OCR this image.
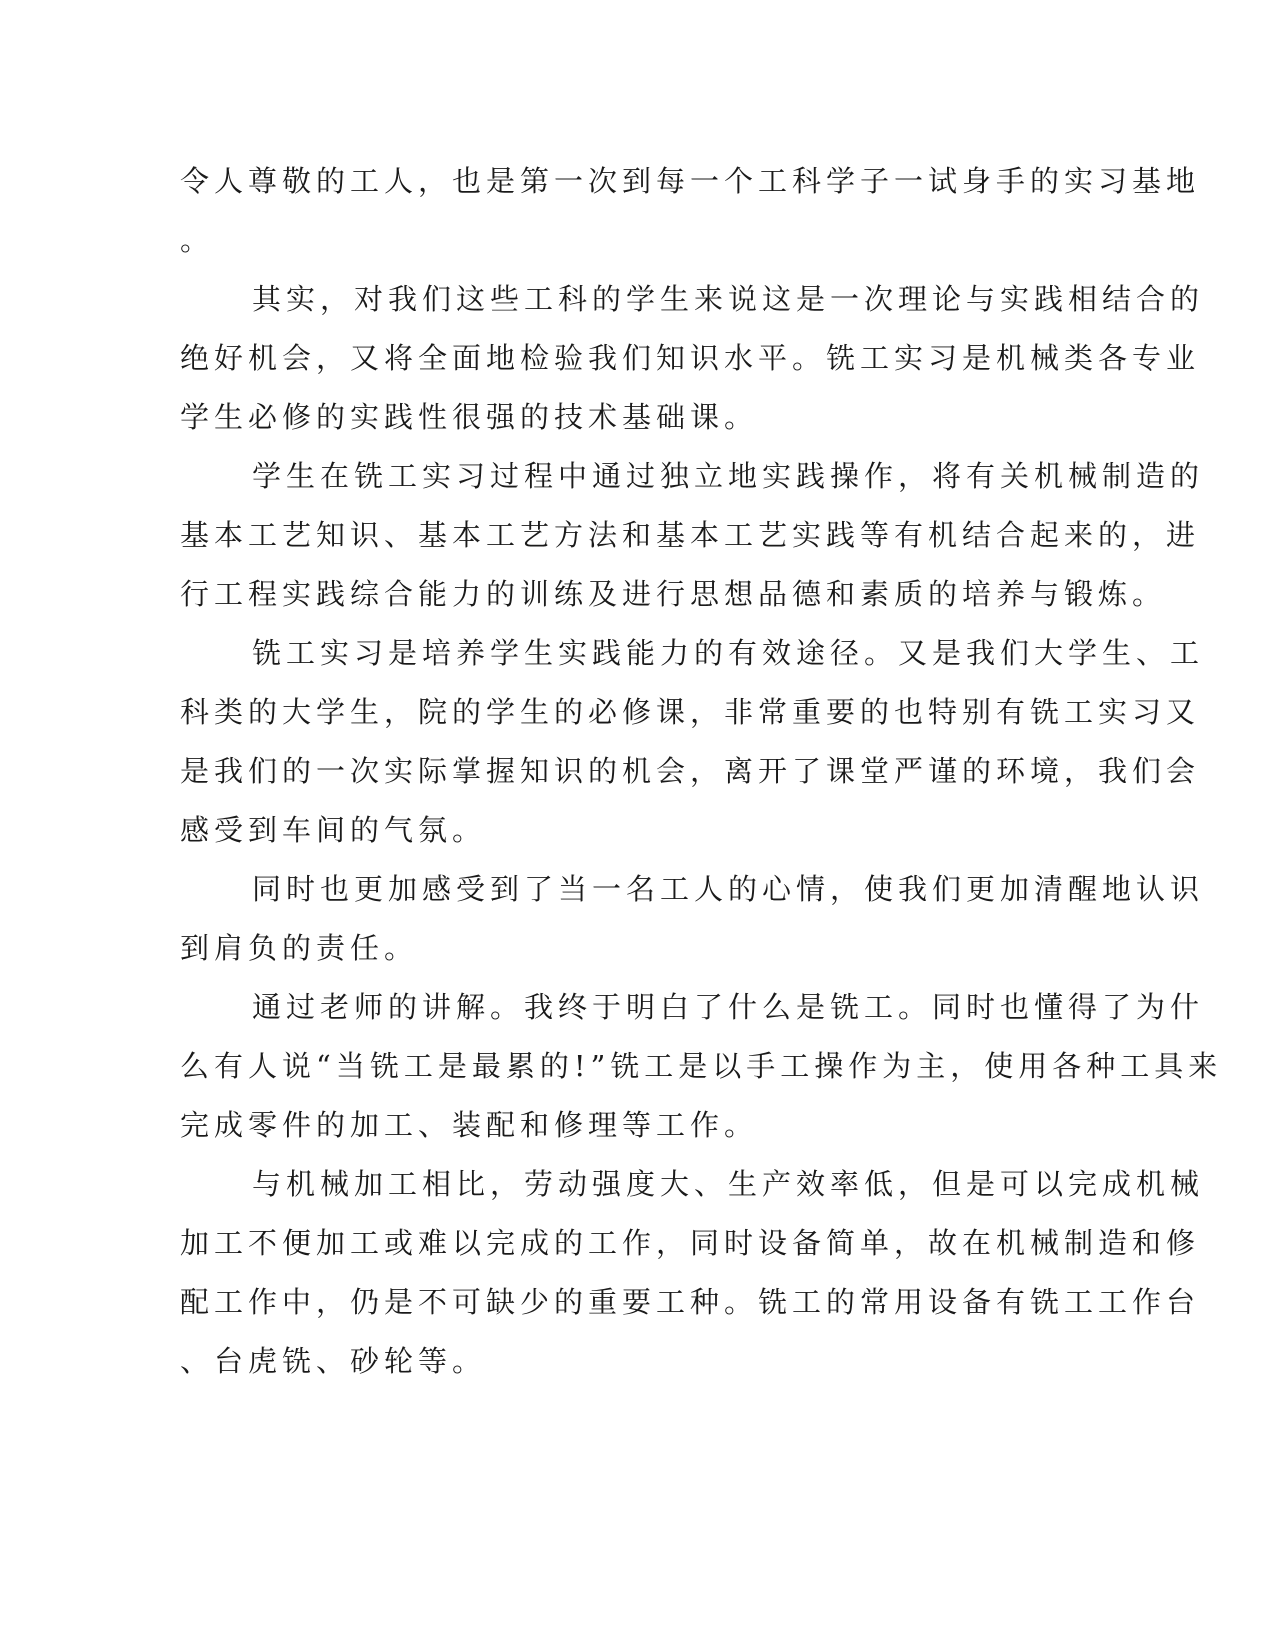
令人尊敬的工人，也是第一次到每一个工科学子一试身手的实习基地
。
其实，对我们这些工科的学生来说这是一次理论与实践相结合的
绝好机会，又将全面地检验我们知识水平。铣工实习是机械类各专业
学生必修的实践性很强的技术基础课。
学生在铣工实习过程中通过独立地实践操作，将有关机械制造的
基本工艺知识、基本工艺方法和基本工艺实践等有机结合起来的，进
行工程实践综合能力的训练及进行思想品德和素质的培养与锻炼。
铣工实习是培养学生实践能力的有效途径。又是我们大学生、工
科类的大学生，院的学生的必修课，非常重要的也特别有铣工实习又
是我们的一次实际掌握知识的机会，离开了课堂严谨的环境，我们会
感受到车间的气氛。
同时也更加感受到了当一名工人的心情，使我们更加清醒地认识
到肩负的责任。
通过老师的讲解。我终于明白了什么是铣工。同时也懂得了为什
么有人说“当铣工是最累的!”铣工是以手工操作为主，使用各种工具来
完成零件的加工、装配和修理等工作。
与机械加工相比，劳动强度大、生产效率低，但是可以完成机械
加工不便加工或难以完成的工作，同时设备简单，故在机械制造和修
配工作中，仍是不可缺少的重要工种。铣工的常用设备有铣工工作台
、台虎铣、砂轮等。
